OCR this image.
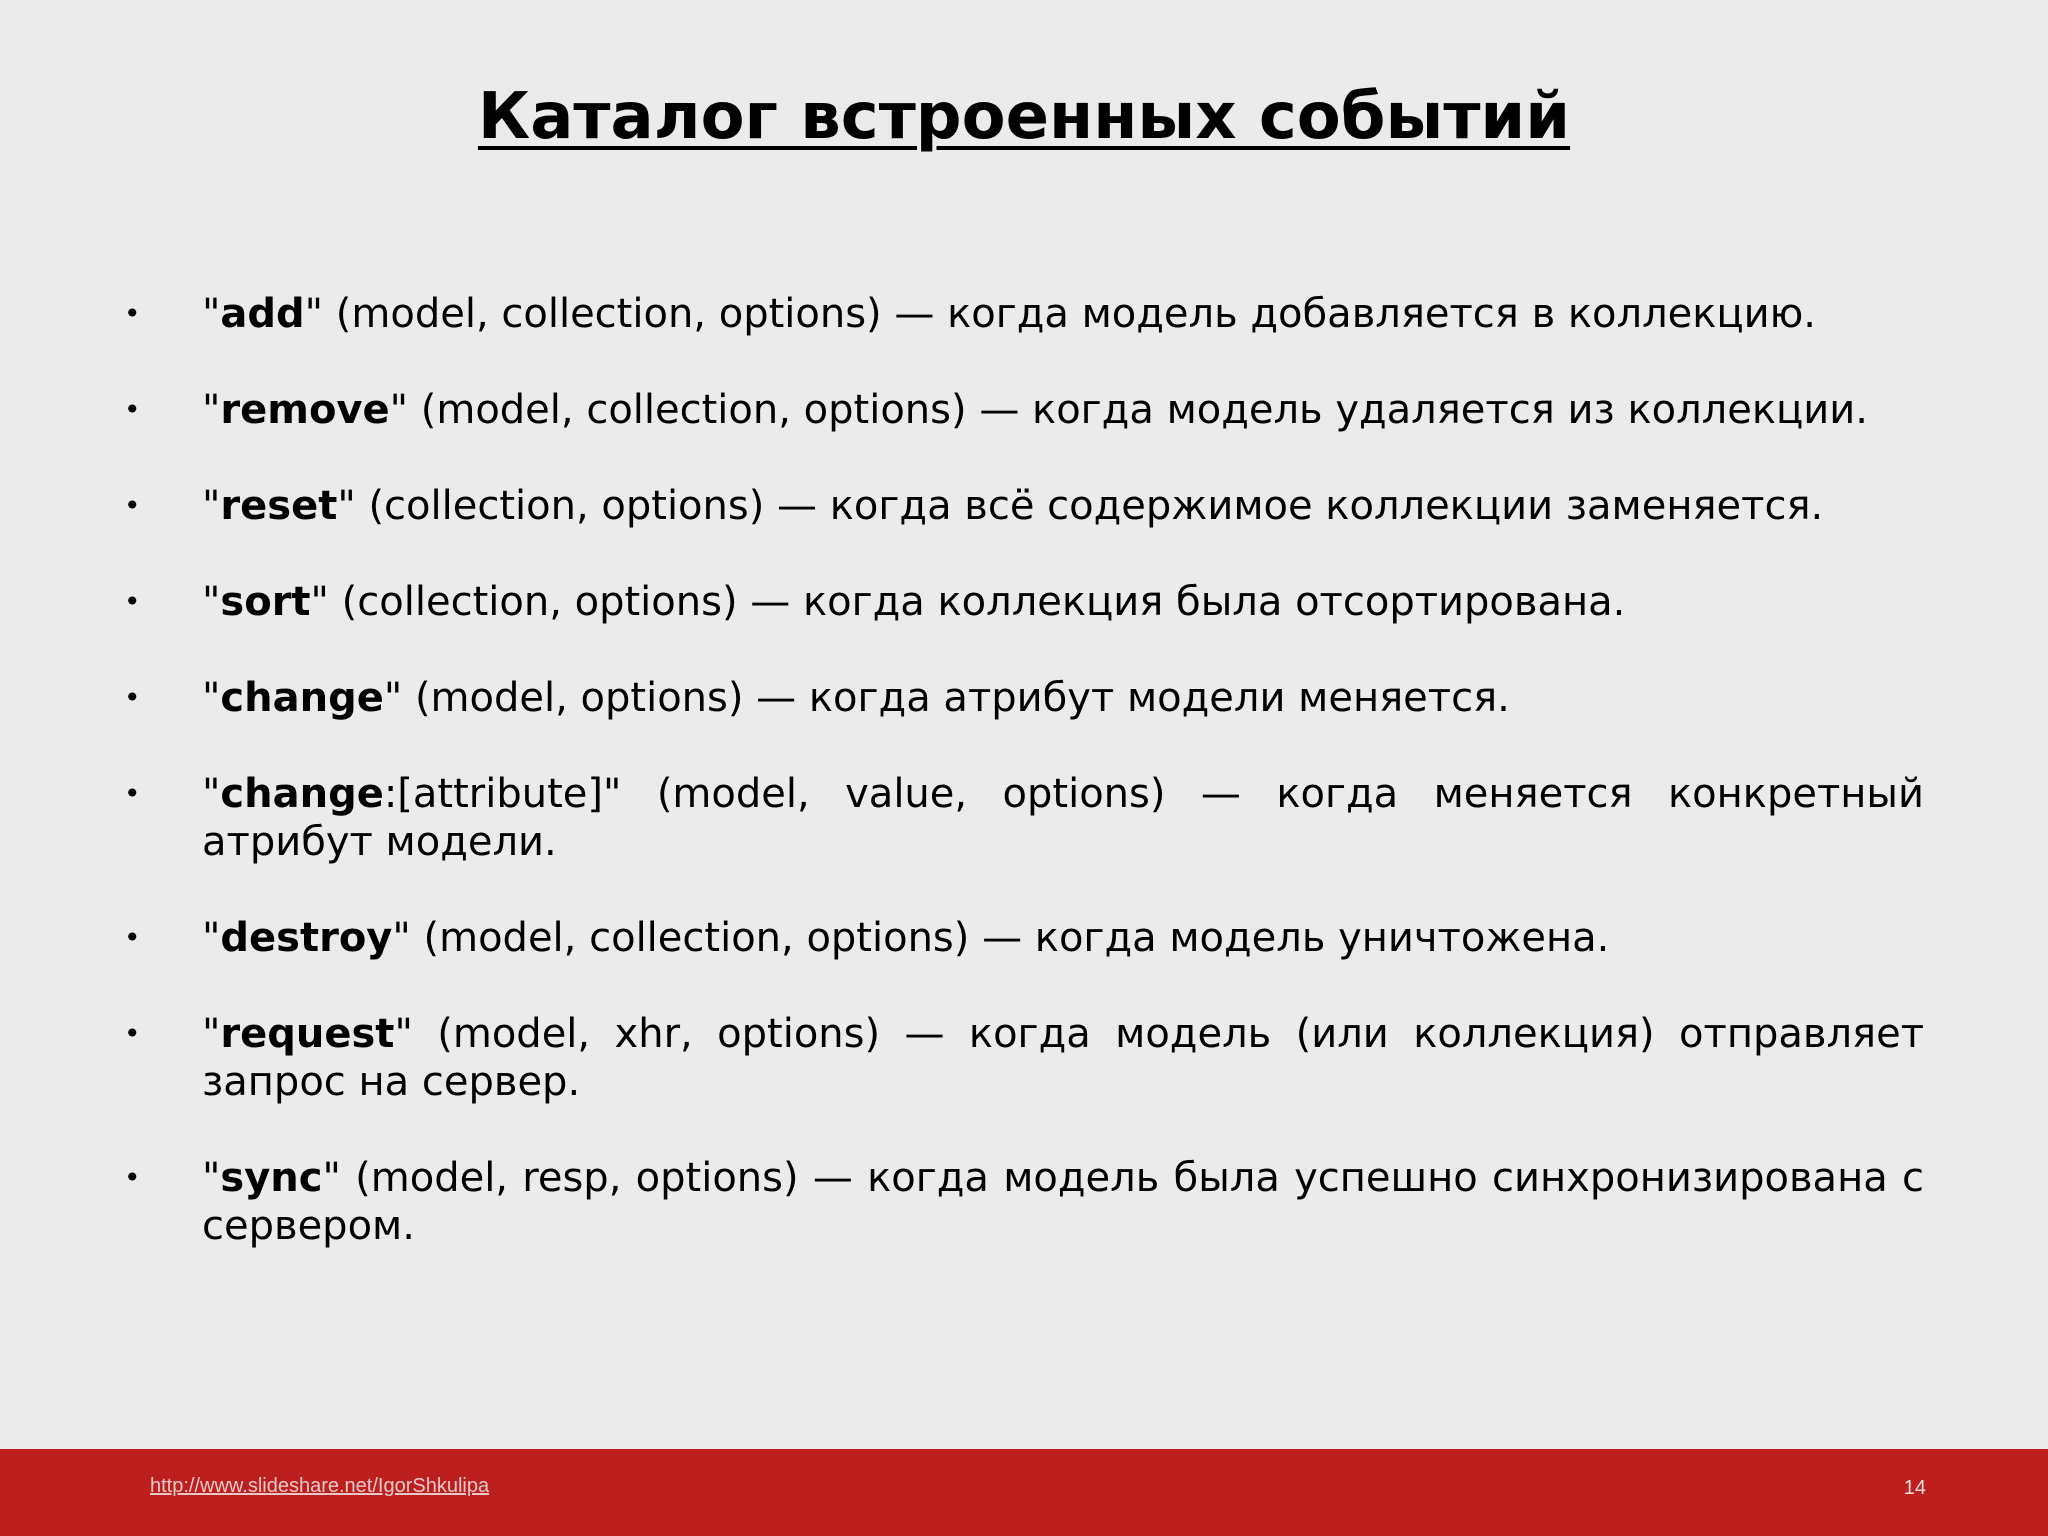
Каталог встроенных событий
• "add" (model, collection, options) — когда модель добавляется в коллекцию.
• "remove" (model, collection, options) — когда модель удаляется из коллекции.
• "reset" (collection, options) — когда всё содержимое коллекции заменяется.
• "sort" (collection, options) — когда коллекция была отсортирована.
• "change" (model, options) — когда атрибут модели меняется.
• "change:[attribute]" (model, value, options) — когда меняется конкретный атрибут модели.
• "destroy" (model, collection, options) — когда модель уничтожена.
• "request" (model, xhr, options) — когда модель (или коллекция) отправляет запрос на сервер.
• "sync" (model, resp, options) — когда модель была успешно синхронизирована с сервером.
http://www.slideshare.net/IgorShkulipa	14
